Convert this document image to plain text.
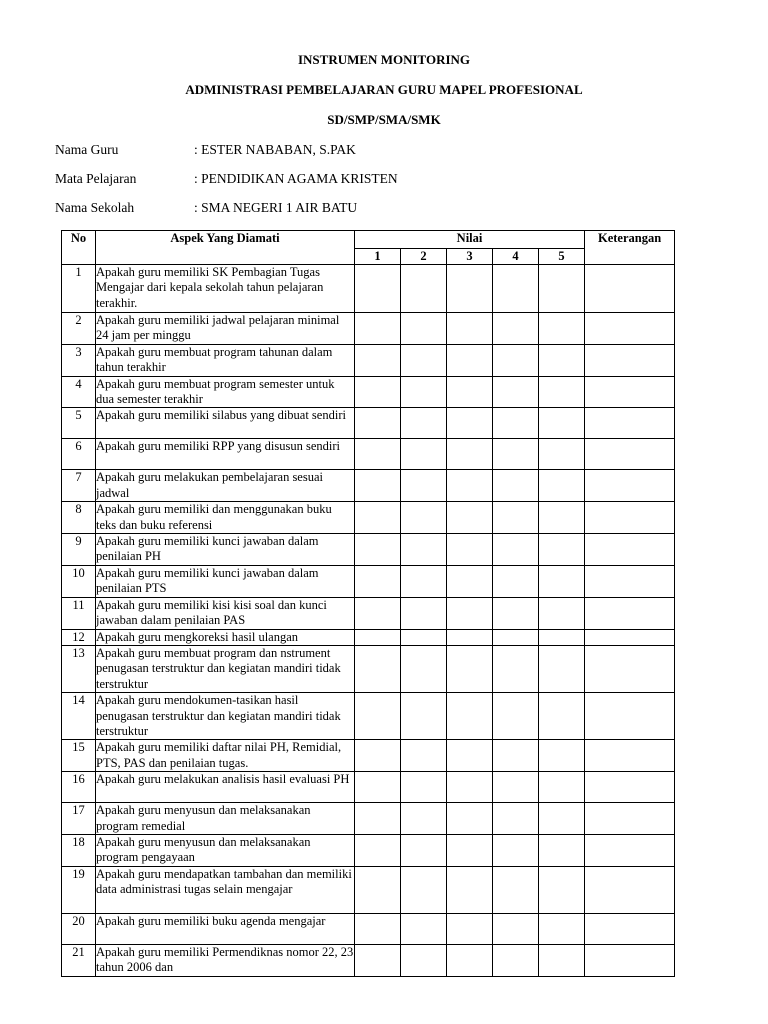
INSTRUMEN MONITORING
ADMINISTRASI PEMBELAJARAN GURU MAPEL PROFESIONAL
SD/SMP/SMA/SMK
Nama Guru	: ESTER NABABAN, S.PAK
Mata Pelajaran	: PENDIDIKAN AGAMA KRISTEN
Nama Sekolah	: SMA NEGERI 1 AIR BATU
No	Aspek Yang Diamati	Nilai					Keterangan
		1	2	3	4	5	
1	Apakah guru memiliki SK Pembagian Tugas Mengajar dari kepala sekolah tahun pelajaran terakhir.						
2	Apakah guru memiliki jadwal pelajaran minimal 24 jam per minggu						
3	Apakah guru membuat program tahunan dalam tahun terakhir						
4	Apakah guru membuat program semester untuk dua semester terakhir						
5	Apakah guru memiliki silabus yang dibuat sendiri						
6	Apakah guru memiliki RPP yang disusun sendiri						
7	Apakah guru melakukan pembelajaran sesuai jadwal						
8	Apakah guru memiliki dan menggunakan buku teks dan buku referensi						
9	Apakah guru memiliki kunci jawaban dalam penilaian PH						
10	Apakah guru memiliki kunci jawaban dalam penilaian PTS						
11	Apakah guru memiliki kisi kisi soal dan kunci jawaban dalam penilaian PAS						
12	Apakah guru mengkoreksi hasil ulangan						
13	Apakah guru membuat program dan nstrument penugasan terstruktur dan kegiatan mandiri tidak terstruktur						
14	Apakah guru mendokumen-tasikan hasil penugasan terstruktur dan kegiatan mandiri tidak terstruktur						
15	Apakah guru memiliki daftar nilai PH, Remidial, PTS, PAS dan penilaian tugas.						
16	Apakah guru melakukan analisis hasil evaluasi PH						
17	Apakah guru menyusun dan melaksanakan program remedial						
18	Apakah guru menyusun dan melaksanakan program pengayaan						
19	Apakah guru mendapatkan tambahan dan memiliki data administrasi tugas selain mengajar						
20	Apakah guru memiliki buku agenda mengajar						
21	Apakah guru memiliki Permendiknas nomor 22, 23 tahun 2006 dan						
